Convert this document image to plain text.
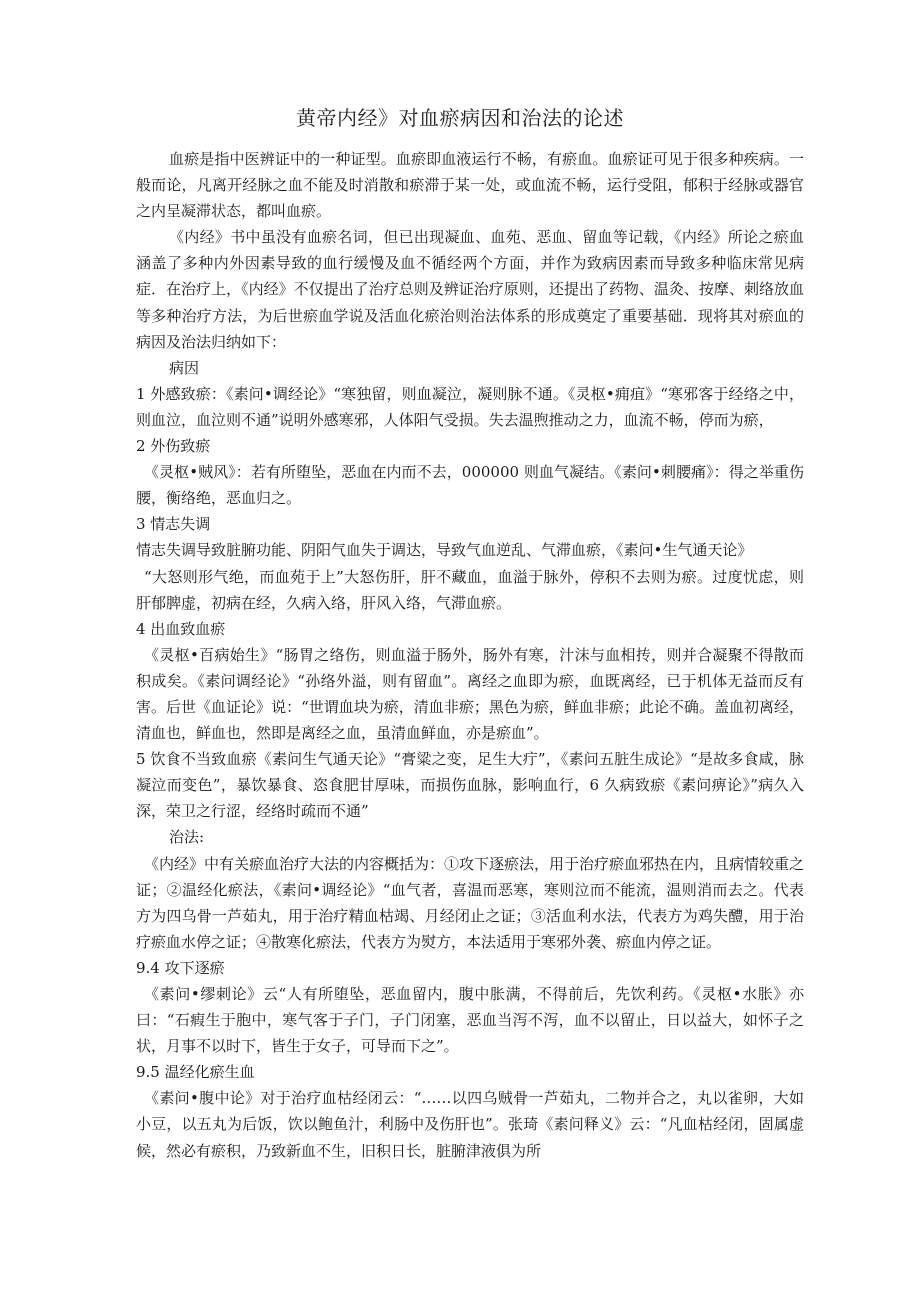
黄帝内经》对血瘀病因和治法的论述

血瘀是指中医辨证中的一种证型。血瘀即血液运行不畅，有瘀血。血瘀证可见于很多种疾病。一般而论，凡离开经脉之血不能及时消散和瘀滞于某一处，或血流不畅，运行受阻，郁积于经脉或器官之内呈凝滞状态，都叫血瘀。

《内经》书中虽没有血瘀名词，但已出现凝血、血苑、恶血、留血等记载，《内经》所论之瘀血涵盖了多种内外因素导致的血行缓慢及血不循经两个方面，并作为致病因素而导致多种临床常见病症．在治疗上，《内经》不仅提出了治疗总则及辨证治疗原则，还提出了药物、温灸、按摩、刺络放血等多种治疗方法，为后世瘀血学说及活血化瘀治则治法体系的形成奠定了重要基础．现将其对瘀血的病因及治法归纳如下：

病因

1 外感致瘀：《素问•调经论》“寒独留，则血凝泣，凝则脉不通。《灵枢•痈疽》“寒邪客于经络之中，则血泣，血泣则不通”说明外感寒邪，人体阳气受损。失去温煦推动之力，血流不畅，停而为瘀，

2 外伤致瘀

《灵枢•贼风》：若有所堕坠，恶血在内而不去，000000 则血气凝结。《素问•刺腰痛》：得之举重伤腰，衡络绝，恶血归之。

3 情志失调

情志失调导致脏腑功能、阴阳气血失于调达，导致气血逆乱、气滞血瘀，《素问•生气通天论》

“大怒则形气绝，而血苑于上”大怒伤肝，肝不藏血，血溢于脉外，停积不去则为瘀。过度忧虑，则肝郁脾虚，初病在经，久病入络，肝风入络，气滞血瘀。

4 出血致血瘀

《灵枢•百病始生》“肠胃之络伤，则血溢于肠外，肠外有寒，汁沫与血相抟，则并合凝聚不得散而积成矣。《素问调经论》“孙络外溢，则有留血”。离经之血即为瘀，血既离经，已于机体无益而反有害。后世《血证论》说：“世谓血块为瘀，清血非瘀；黑色为瘀，鲜血非瘀；此论不确。盖血初离经，清血也，鲜血也，然即是离经之血，虽清血鲜血，亦是瘀血”。

5 饮食不当致血瘀《素问生气通天论》“膏粱之变，足生大疔”，《素问五脏生成论》“是故多食咸，脉凝泣而变色”，暴饮暴食、恣食肥甘厚味，而损伤血脉，影响血行，6 久病致瘀《素问痹论》”病久入深，荣卫之行涩，经络时疏而不通”

治法:

《内经》中有关瘀血治疗大法的内容概括为：①攻下逐瘀法，用于治疗瘀血邪热在内，且病情较重之证；②温经化瘀法，《素问•调经论》“血气者，喜温而恶寒，寒则泣而不能流，温则消而去之。代表方为四乌骨一芦茹丸，用于治疗精血枯竭、月经闭止之证；③活血利水法，代表方为鸡失醴，用于治疗瘀血水停之证；④散寒化瘀法，代表方为熨方，本法适用于寒邪外袭、瘀血内停之证。

9.4 攻下逐瘀

《素问•缪刺论》云“人有所堕坠，恶血留内，腹中胀满，不得前后，先饮利药。《灵枢•水胀》亦曰：“石瘕生于胞中，寒气客于子门，子门闭塞，恶血当泻不泻，血不以留止，日以益大，如怀子之状，月事不以时下，皆生于女子，可导而下之”。

9.5 温经化瘀生血

《素问•腹中论》对于治疗血枯经闭云：“……以四乌贼骨一芦茹丸，二物并合之，丸以雀卵，大如小豆，以五丸为后饭，饮以鲍鱼汁，利肠中及伤肝也”。张琦《素问释义》云：“凡血枯经闭，固属虚候，然必有瘀积，乃致新血不生，旧积日长，脏腑津液俱为所
